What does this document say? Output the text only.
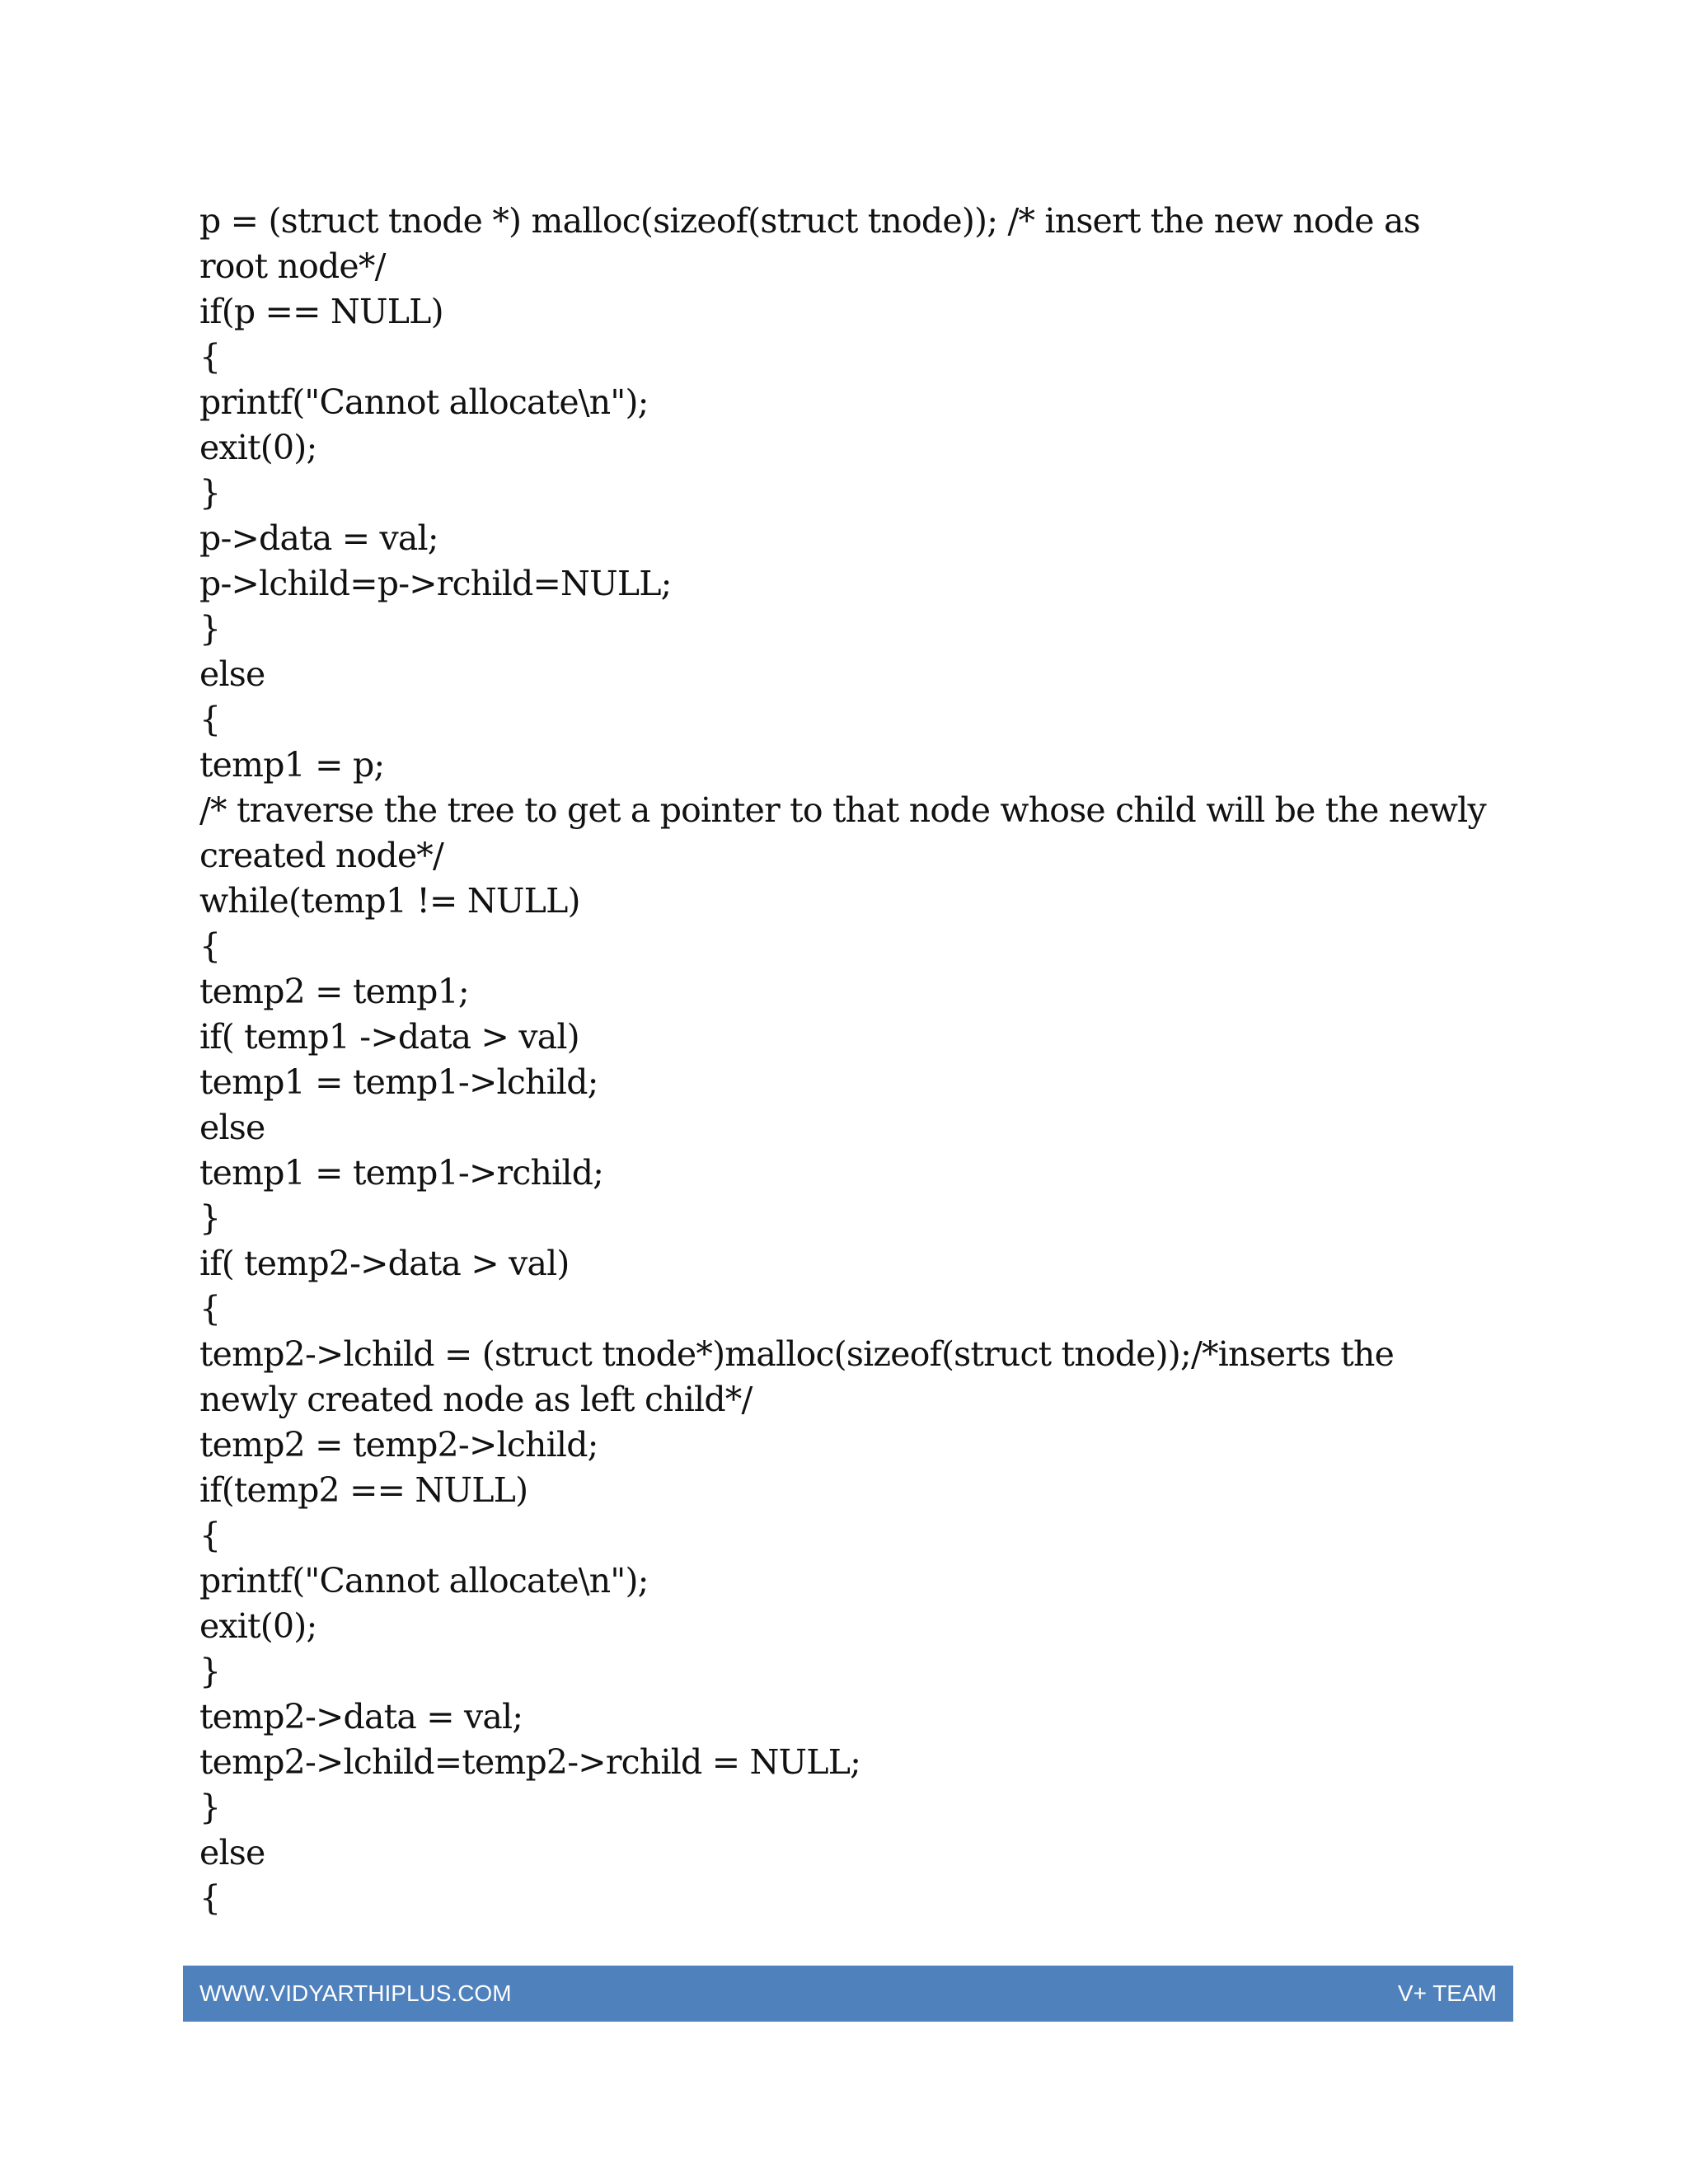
p = (struct tnode *) malloc(sizeof(struct tnode)); /* insert the new node as
root node*/
if(p == NULL)
{
printf("Cannot allocate\n");
exit(0);
}
p->data = val;
p->lchild=p->rchild=NULL;
}
else
{
temp1 = p;
/* traverse the tree to get a pointer to that node whose child will be the newly
created node*/
while(temp1 != NULL)
{
temp2 = temp1;
if( temp1 ->data > val)
temp1 = temp1->lchild;
else
temp1 = temp1->rchild;
}
if( temp2->data > val)
{
temp2->lchild = (struct tnode*)malloc(sizeof(struct tnode));/*inserts the
newly created node as left child*/
temp2 = temp2->lchild;
if(temp2 == NULL)
{
printf("Cannot allocate\n");
exit(0);
}
temp2->data = val;
temp2->lchild=temp2->rchild = NULL;
}
else
{
WWW.VIDYARTHIPLUS.COM	V+ TEAM
